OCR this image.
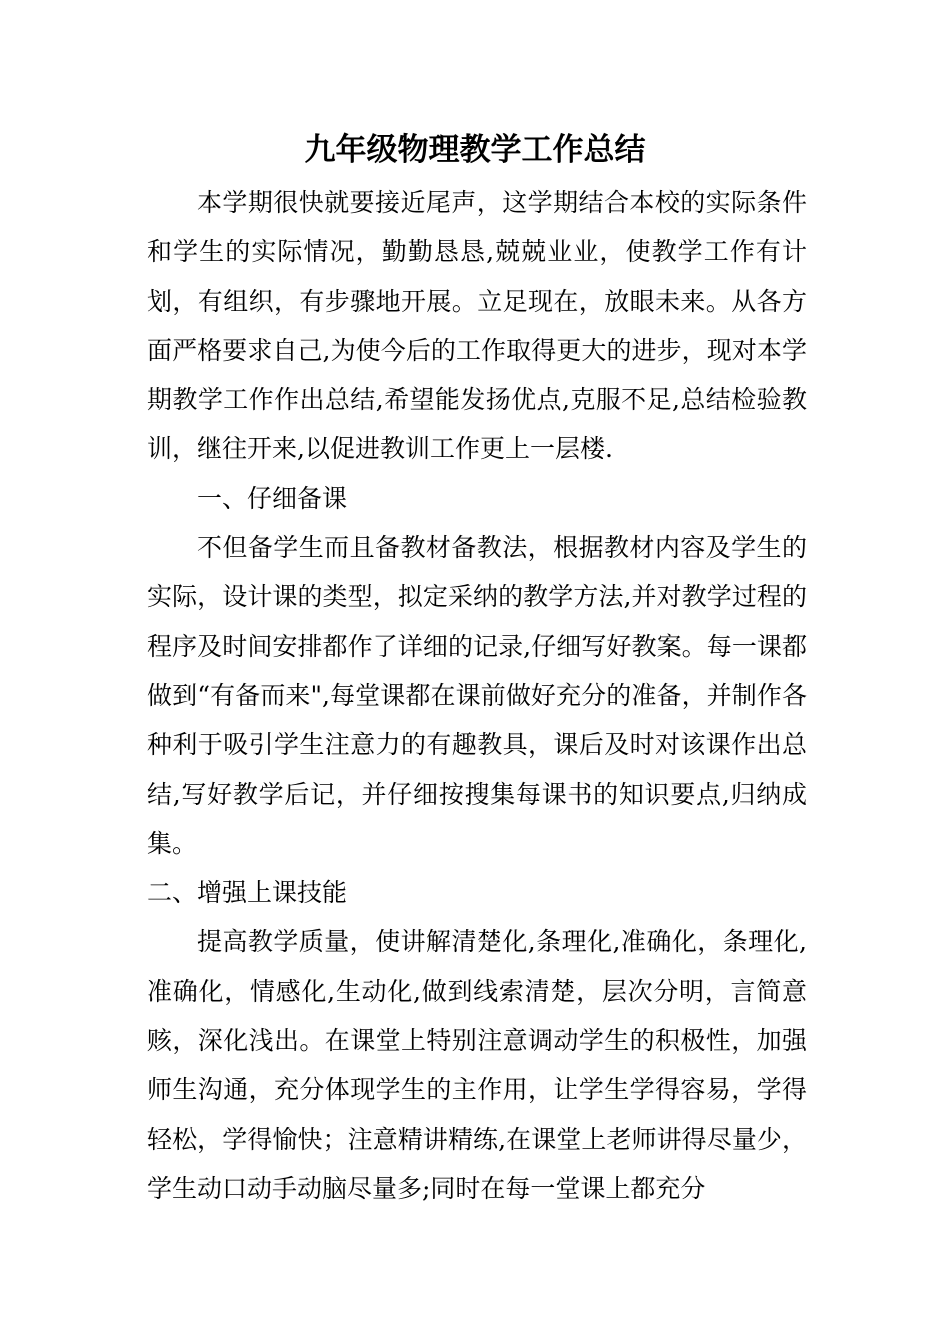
九年级物理教学工作总结

本学期很快就要接近尾声，这学期结合本校的实际条件和学生的实际情况，勤勤恳恳,兢兢业业，使教学工作有计划，有组织，有步骤地开展。立足现在，放眼未来。从各方面严格要求自己,为使今后的工作取得更大的进步，现对本学期教学工作作出总结,希望能发扬优点,克服不足,总结检验教训，继往开来,以促进教训工作更上一层楼.

一、仔细备课

不但备学生而且备教材备教法，根据教材内容及学生的实际，设计课的类型，拟定采纳的教学方法,并对教学过程的程序及时间安排都作了详细的记录,仔细写好教案。每一课都做到“有备而来",每堂课都在课前做好充分的准备，并制作各种利于吸引学生注意力的有趣教具，课后及时对该课作出总结,写好教学后记，并仔细按搜集每课书的知识要点,归纳成集。

二、增强上课技能

提高教学质量，使讲解清楚化,条理化,准确化，条理化,准确化，情感化,生动化,做到线索清楚，层次分明，言简意赅，深化浅出。在课堂上特别注意调动学生的积极性，加强师生沟通，充分体现学生的主作用，让学生学得容易，学得轻松，学得愉快；注意精讲精练,在课堂上老师讲得尽量少，学生动口动手动脑尽量多;同时在每一堂课上都充分
